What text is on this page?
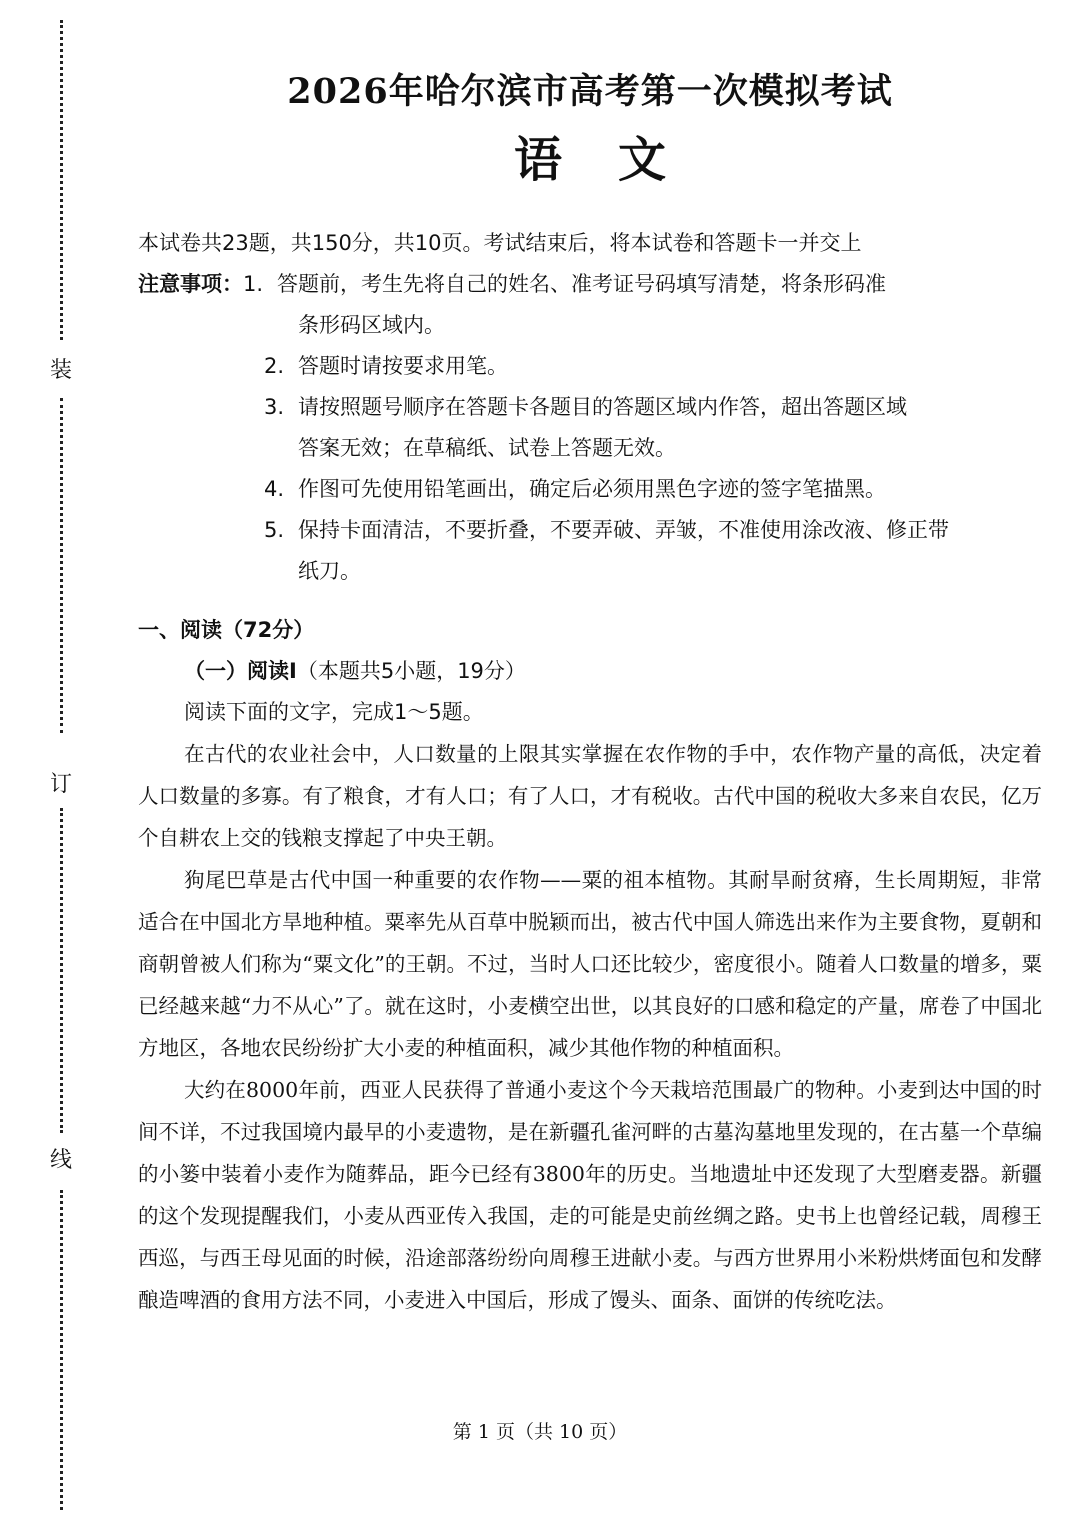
装
订
线
2026年哈尔滨市高考第一次模拟考试
语 文
本试卷共23题，共150分，共10页。考试结束后，将本试卷和答题卡一并交上
注意事项： 1. 答题前，考生先将自己的姓名、准考证号码填写清楚，将条形码准
条形码区域内。
2. 答题时请按要求用笔。
3. 请按照题号顺序在答题卡各题目的答题区域内作答，超出答题区域
答案无效；在草稿纸、试卷上答题无效。
4. 作图可先使用铅笔画出，确定后必须用黑色字迹的签字笔描黑。
5. 保持卡面清洁，不要折叠，不要弄破、弄皱，不准使用涂改液、修正带
纸刀。
一、阅读（72分）
（一）阅读I（本题共5小题，19分）
阅读下面的文字，完成1～5题。

在古代的农业社会中，人口数量的上限其实掌握在农作物的手中，农作物产量的高低，决定着人口数量的多寡。有了粮食，才有人口；有了人口，才有税收。古代中国的税收大多来自农民，亿万个自耕农上交的钱粮支撑起了中央王朝。

狗尾巴草是古代中国一种重要的农作物——粟的祖本植物。其耐旱耐贫瘠，生长周期短，非常适合在中国北方旱地种植。粟率先从百草中脱颖而出，被古代中国人筛选出来作为主要食物，夏朝和商朝曾被人们称为“粟文化”的王朝。不过，当时人口还比较少，密度很小。随着人口数量的增多，粟已经越来越“力不从心”了。就在这时，小麦横空出世，以其良好的口感和稳定的产量，席卷了中国北方地区，各地农民纷纷扩大小麦的种植面积，减少其他作物的种植面积。

大约在8000年前，西亚人民获得了普通小麦这个今天栽培范围最广的物种。小麦到达中国的时间不详，不过我国境内最早的小麦遗物，是在新疆孔雀河畔的古墓沟墓地里发现的，在古墓一个草编的小篓中装着小麦作为随葬品，距今已经有3800年的历史。当地遗址中还发现了大型磨麦器。新疆的这个发现提醒我们，小麦从西亚传入我国，走的可能是史前丝绸之路。史书上也曾经记载，周穆王西巡，与西王母见面的时候，沿途部落纷纷向周穆王进献小麦。与西方世界用小米粉烘烤面包和发酵酿造啤酒的食用方法不同，小麦进入中国后，形成了馒头、面条、面饼的传统吃法。

第 1 页（共 10 页）
